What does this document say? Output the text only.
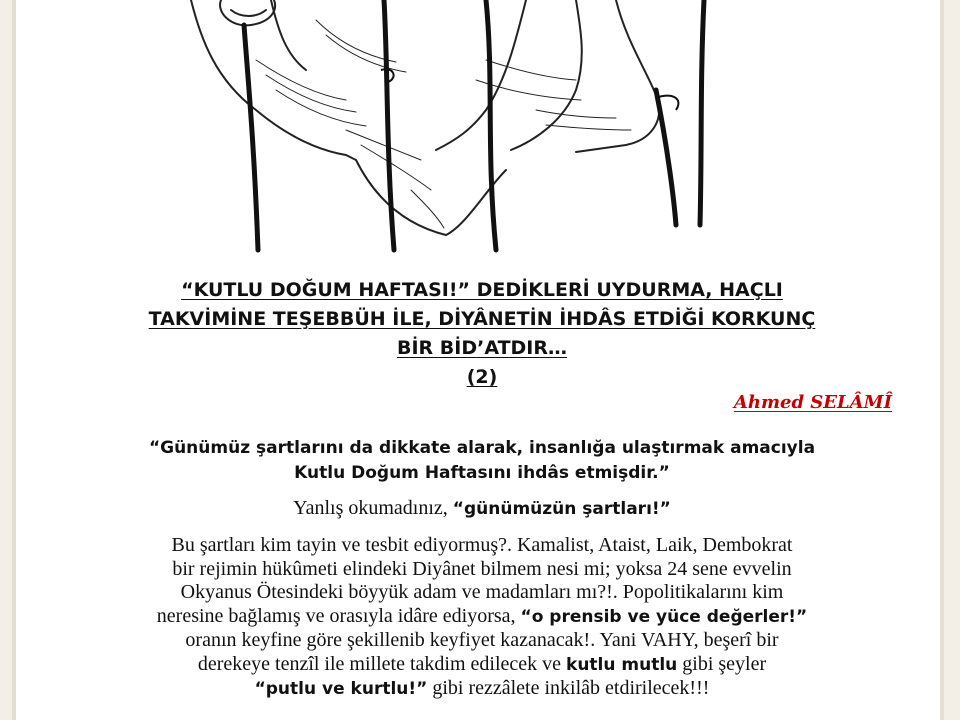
“KUTLU DOĞUM HAFTASI!” DEDİKLERİ UYDURMA, HAÇLI
TAKVİMİNE TEŞEBBÜH İLE, DİYÂNETİN İHDÂS ETDİĞİ KORKUNÇ
BİR BİD’ATDIR…
(2)
Ahmed SELÂMÎ
“Günümüz şartlarını da dikkate alarak, insanlığa ulaştırmak amacıyla
Kutlu Doğum Haftasını ihdâs etmişdir.”
Yanlış okumadınız, “günümüzün şartları!”
Bu şartları kim tayin ve tesbit ediyormuş?. Kamalist, Ataist, Laik, Dembokrat
bir rejimin hükûmeti elindeki Diyânet bilmem nesi mi; yoksa 24 sene evvelin
Okyanus Ötesindeki böyyük adam ve madamları mı?!. Popolitikalarını kim
neresine bağlamış ve orasıyla idâre ediyorsa, “o prensib ve yüce değerler!”
oranın keyfine göre şekillenib keyfiyet kazanacak!. Yani VAHY, beşerî bir
derekeye tenzîl ile millete takdim edilecek ve kutlu mutlu gibi şeyler
“putlu ve kurtlu!” gibi rezzâlete inkilâb etdirilecek!!!
